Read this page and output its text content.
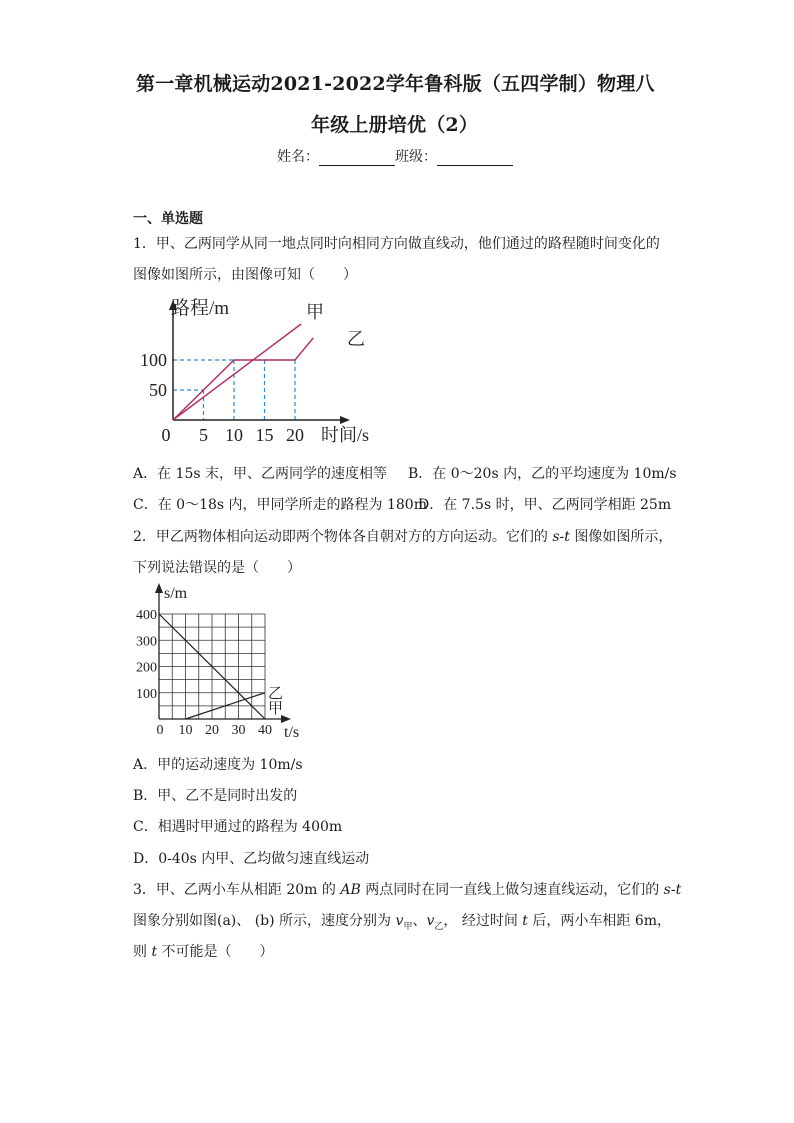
第一章机械运动2021-2022学年鲁科版（五四学制）物理八
年级上册培优（2）
姓名：	班级：
一、单选题
1．甲、乙两同学从同一地点同时向相同方向做直线动，他们通过的路程随时间变化的
图像如图所示，由图像可知（　　）
路程/m
时间/s
0 5 10 15 20
50
100
甲
乙
A．在 15s 末，甲、乙两同学的速度相等 B．在 0～20s 内，乙的平均速度为 10m/s
C．在 0～18s 内，甲同学所走的路程为 180m
D．在 7.5s 时，甲、乙两同学相距 25m
2．甲乙两物体相向运动即两个物体各自朝对方的方向运动。它们的 s-t 图像如图所示，
下列说法错误的是（　　）
s/m
t/s
0 10 20 30 40
100
200
300
400
乙
甲
A．甲的运动速度为 10m/s
B．甲、乙不是同时出发的
C．相遇时甲通过的路程为 400m
D．0-40s 内甲、乙均做匀速直线运动
3．甲、乙两小车从相距 20m 的 AB 两点同时在同一直线上做匀速直线运动，它们的 s-t
图象分别如图(a)、 (b) 所示，速度分别为 $v_甲$、$v_乙$， 经过时间 t 后，两小车相距 6m，
则 t 不可能是（　　）
